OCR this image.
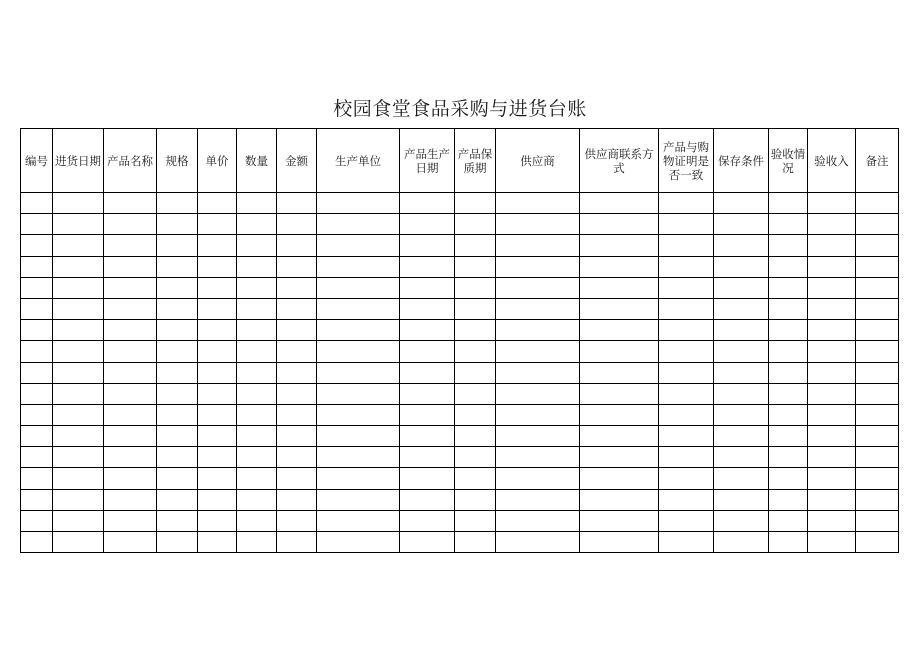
校园食堂食品采购与进货台账
编号	进货日期	产品名称	规格	单价	数量	金额	生产单位	产品生产日期	产品保质期	供应商	供应商联系方式	产品与购物证明是否一致	保存条件	验收情况	验收入	备注
